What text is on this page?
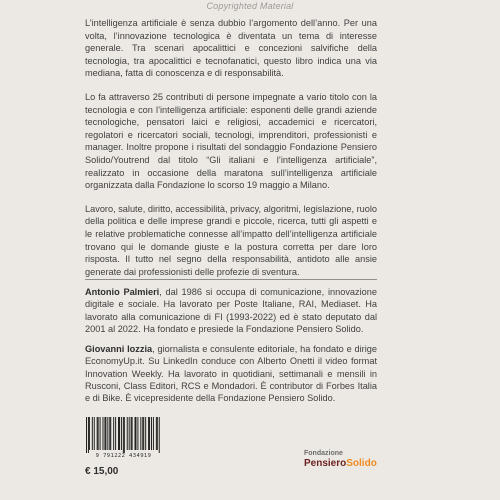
Copyrighted Material

L’intelligenza artificiale è senza dubbio l’argomento dell’anno. Per una volta, l’innovazione tecnologica è diventata un tema di interesse generale. Tra scenari apocalittici e concezioni salvifiche della tecnologia, tra apocalittici e tecnofanatici, questo libro indica una via mediana, fatta di conoscenza e di responsabilità.

Lo fa attraverso 25 contributi di persone impegnate a vario titolo con la tecnologia e con l’intelligenza artificiale: esponenti delle grandi aziende tecnologiche, pensatori laici e religiosi, accademici e ricercatori, regolatori e ricercatori sociali, tecnologi, imprenditori, professionisti e manager. Inoltre propone i risultati del sondaggio Fondazione Pensiero Solido/Youtrend dal titolo “Gli italiani e l’intelligenza artificiale”, realizzato in occasione della maratona sull’intelligenza artificiale organizzata dalla Fondazione lo scorso 19 maggio a Milano.

Lavoro, salute, diritto, accessibilità, privacy, algoritmi, legislazione, ruolo della politica e delle imprese grandi e piccole, ricerca, tutti gli aspetti e le relative problematiche connesse all’impatto dell’intelligenza artificiale trovano qui le domande giuste e la postura corretta per dare loro risposta. Il tutto nel segno della responsabilità, antidoto alle ansie generate dai professionisti delle profezie di sventura.

Antonio Palmieri, dal 1986 si occupa di comunicazione, innovazione digitale e sociale. Ha lavorato per Poste Italiane, RAI, Mediaset. Ha lavorato alla comunicazione di FI (1993-2022) ed è stato deputato dal 2001 al 2022. Ha fondato e presiede la Fondazione Pensiero Solido.

Giovanni Iozzia, giornalista e consulente editoriale, ha fondato e dirige EconomyUp.it. Su LinkedIn conduce con Alberto Onetti il video format Innovation Weekly. Ha lavorato in quotidiani, settimanali e mensili in Rusconi, Class Editori, RCS e Mondadori. È contributor di Forbes Italia e di Bike. È vicepresidente della Fondazione Pensiero Solido.

9 791222 434919
€ 15,00
Fondazione
PensieroSolido
